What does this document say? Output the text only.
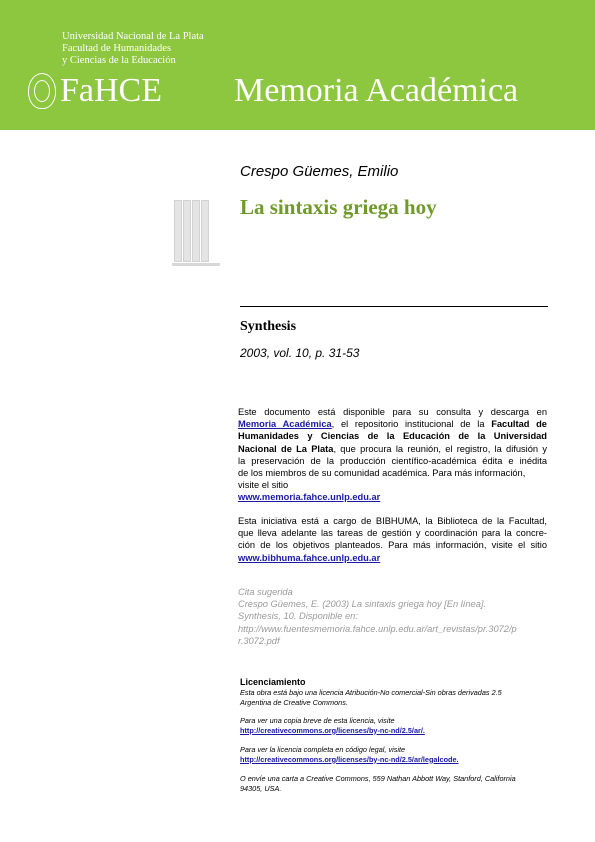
Universidad Nacional de La Plata
Facultad de Humanidades
y Ciencias de la Educación
FaHCE Memoria Académica
Crespo Güemes, Emilio
La sintaxis griega hoy
Synthesis
2003, vol. 10, p. 31-53
Este documento está disponible para su consulta y descarga en
Memoria Académica, el repositorio institucional de la Facultad de
Humanidades y Ciencias de la Educación de la Universidad
Nacional de La Plata, que procura la reunión, el registro, la difusión y
la preservación de la producción científico-académica édita e inédita
de los miembros de su comunidad académica. Para más información,
visite el sitio
www.memoria.fahce.unlp.edu.ar
Esta iniciativa está a cargo de BIBHUMA, la Biblioteca de la Facultad,
que lleva adelante las tareas de gestión y coordinación para la concre-
ción de los objetivos planteados. Para más información, visite el sitio
www.bibhuma.fahce.unlp.edu.ar
Cita sugerida
Crespo Güemes, E. (2003) La sintaxis griega hoy [En línea].
Synthesis, 10. Disponible en:
http://www.fuentesmemoria.fahce.unlp.edu.ar/art_revistas/pr.3072/p
r.3072.pdf
Licenciamiento
Esta obra está bajo una licencia Atribución-No comercial-Sin obras derivadas 2.5
Argentina de Creative Commons.
Para ver una copia breve de esta licencia, visite
http://creativecommons.org/licenses/by-nc-nd/2.5/ar/.
Para ver la licencia completa en código legal, visite
http://creativecommons.org/licenses/by-nc-nd/2.5/ar/legalcode.
O envíe una carta a Creative Commons, 559 Nathan Abbott Way, Stanford, California
94305, USA.
